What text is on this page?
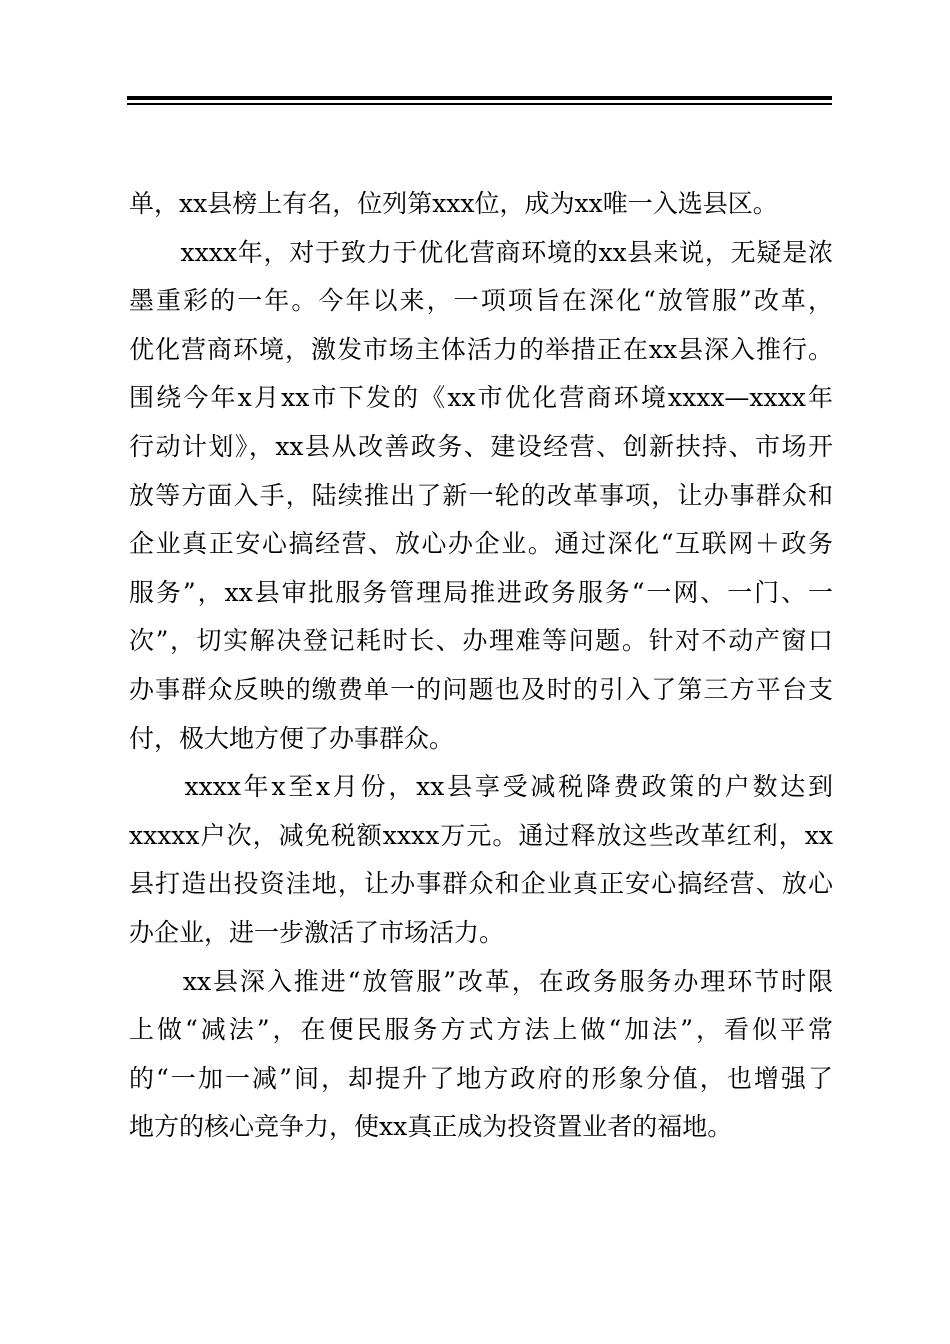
单，xx县榜上有名，位列第xxx位，成为xx唯一入选县区。
　　xxxx年，对于致力于优化营商环境的xx县来说，无疑是浓
墨重彩的一年。今年以来，一项项旨在深化“放管服”改革，
优化营商环境，激发市场主体活力的举措正在xx县深入推行。
围绕今年x月xx市下发的《xx市优化营商环境xxxx—xxxx年
行动计划》，xx县从改善政务、建设经营、创新扶持、市场开
放等方面入手，陆续推出了新一轮的改革事项，让办事群众和
企业真正安心搞经营、放心办企业。通过深化“互联网＋政务
服务”，xx县审批服务管理局推进政务服务“一网、一门、一
次”，切实解决登记耗时长、办理难等问题。针对不动产窗口
办事群众反映的缴费单一的问题也及时的引入了第三方平台支
付，极大地方便了办事群众。
　　xxxx年x至x月份，xx县享受减税降费政策的户数达到
xxxxx户次，减免税额xxxx万元。通过释放这些改革红利，xx
县打造出投资洼地，让办事群众和企业真正安心搞经营、放心
办企业，进一步激活了市场活力。
　　xx县深入推进“放管服”改革，在政务服务办理环节时限
上做“减法”，在便民服务方式方法上做“加法”，看似平常
的“一加一减”间，却提升了地方政府的形象分值，也增强了
地方的核心竞争力，使xx真正成为投资置业者的福地。
